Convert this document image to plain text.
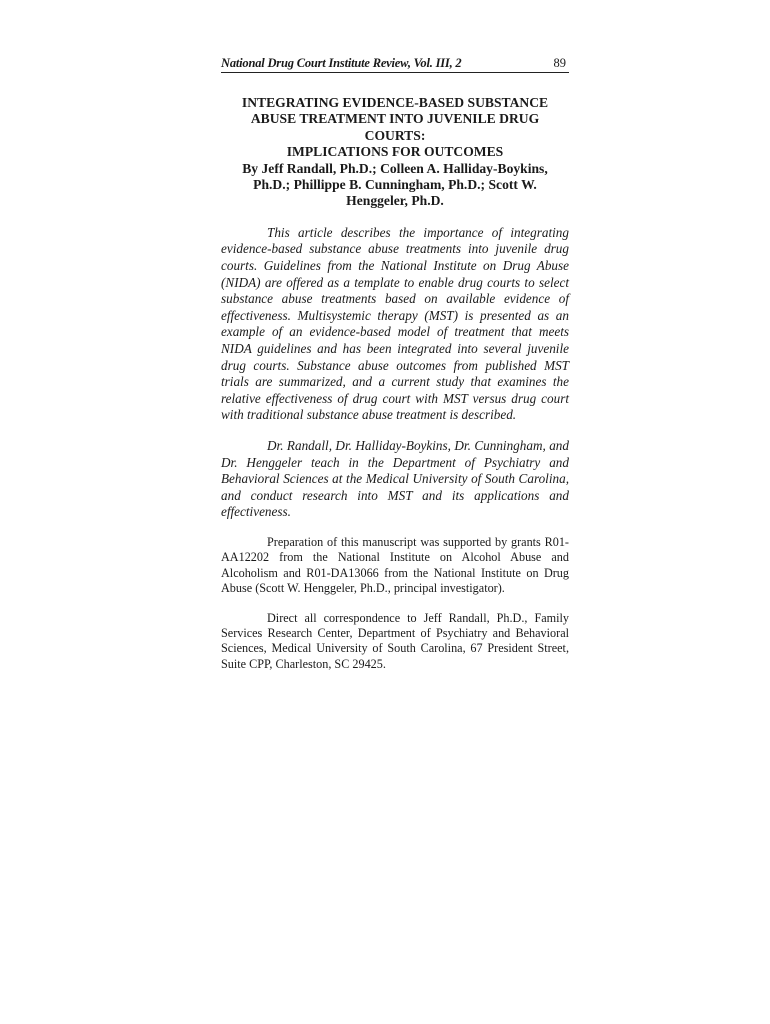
National Drug Court Institute Review, Vol. III, 2	89
INTEGRATING EVIDENCE-BASED SUBSTANCE
ABUSE TREATMENT INTO JUVENILE DRUG
COURTS:
IMPLICATIONS FOR OUTCOMES
By Jeff Randall, Ph.D.; Colleen A. Halliday-Boykins,
Ph.D.; Phillippe B. Cunningham, Ph.D.; Scott W.
Henggeler, Ph.D.

This article describes the importance of integrating evidence-based substance abuse treatments into juvenile drug courts. Guidelines from the National Institute on Drug Abuse (NIDA) are offered as a template to enable drug courts to select substance abuse treatments based on available evidence of effectiveness. Multisystemic therapy (MST) is presented as an example of an evidence-based model of treatment that meets NIDA guidelines and has been integrated into several juvenile drug courts. Substance abuse outcomes from published MST trials are summarized, and a current study that examines the relative effectiveness of drug court with MST versus drug court with traditional substance abuse treatment is described.

Dr. Randall, Dr. Halliday-Boykins, Dr. Cunningham, and Dr. Henggeler teach in the Department of Psychiatry and Behavioral Sciences at the Medical University of South Carolina, and conduct research into MST and its applications and effectiveness.

Preparation of this manuscript was supported by grants R01-AA12202 from the National Institute on Alcohol Abuse and Alcoholism and R01-DA13066 from the National Institute on Drug Abuse (Scott W. Henggeler, Ph.D., principal investigator).

Direct all correspondence to Jeff Randall, Ph.D., Family Services Research Center, Department of Psychiatry and Behavioral Sciences, Medical University of South Carolina, 67 President Street, Suite CPP, Charleston, SC 29425.
